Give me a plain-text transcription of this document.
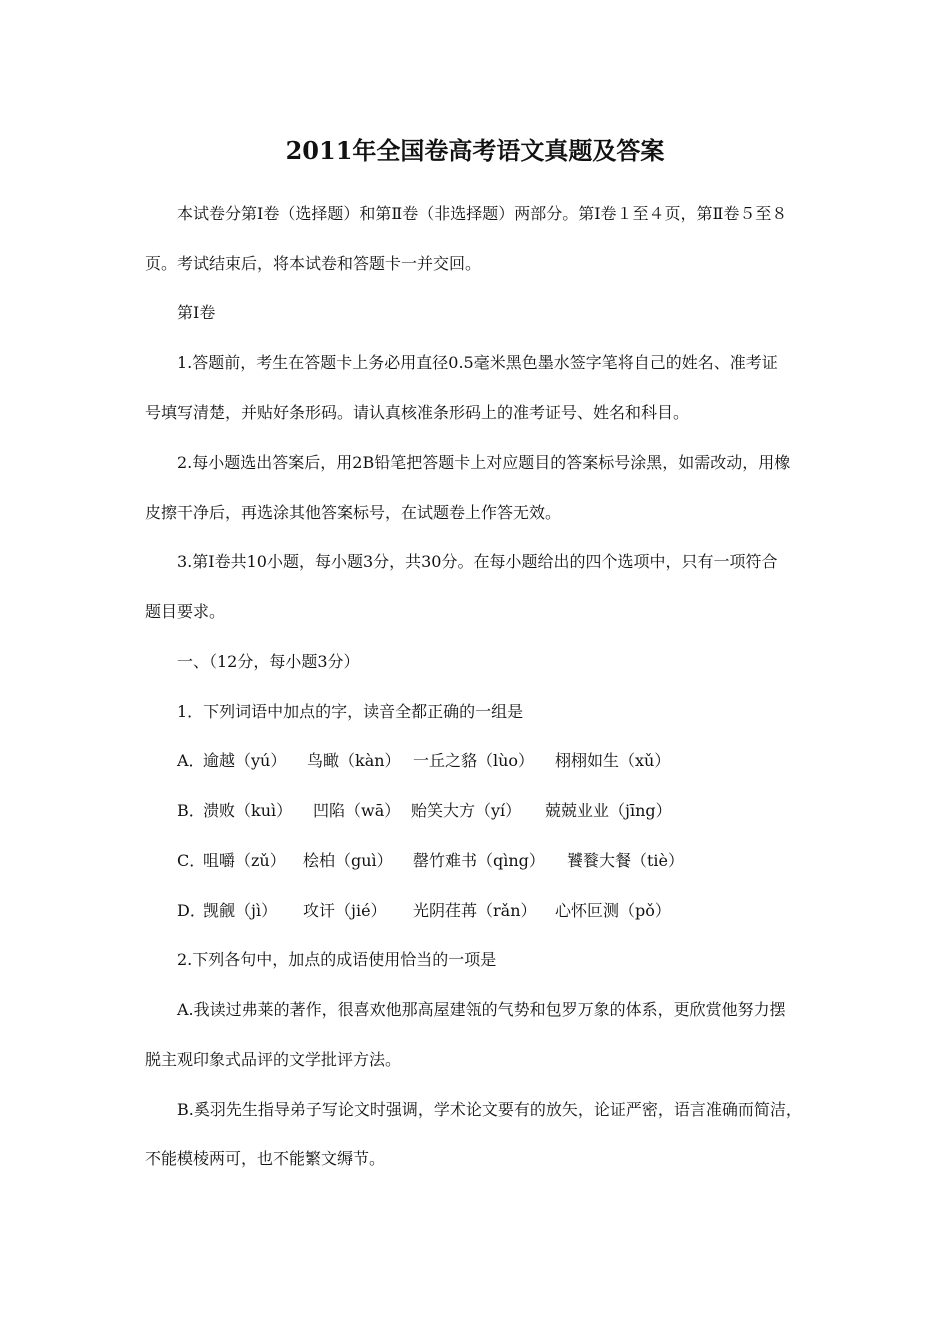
2011年全国卷高考语文真题及答案
本试卷分第Ⅰ卷（选择题）和第Ⅱ卷（非选择题）两部分。第Ⅰ卷１至４页，第Ⅱ卷５至８
页。考试结束后，将本试卷和答题卡一并交回。
第Ⅰ卷
1.答题前，考生在答题卡上务必用直径0.5毫米黑色墨水签字笔将自己的姓名、准考证
号填写清楚，并贴好条形码。请认真核准条形码上的准考证号、姓名和科目。
2.每小题选出答案后，用2B铅笔把答题卡上对应题目的答案标号涂黑，如需改动，用橡
皮擦干净后，再选涂其他答案标号，在试题卷上作答无效。
3.第Ⅰ卷共10小题，每小题3分，共30分。在每小题给出的四个选项中，只有一项符合
题目要求。
一、（12分，每小题3分）
1．下列词语中加点的字，读音全都正确的一组是
A．逾越（yú） 鸟瞰（kàn） 一丘之貉（lùo） 栩栩如生（xǔ）
B．溃败（kuì） 凹陷（wā） 贻笑大方（yí） 兢兢业业（jīng）
C．咀嚼（zǔ） 桧柏（guì） 罄竹难书（qìng） 饕餮大餐（tiè）
D．觊觎（jì） 攻讦（jié） 光阴荏苒（rǎn） 心怀叵测（pǒ）
2.下列各句中，加点的成语使用恰当的一项是
A.我读过弗莱的著作，很喜欢他那高屋建瓴的气势和包罗万象的体系，更欣赏他努力摆
脱主观印象式品评的文学批评方法。
B.奚羽先生指导弟子写论文时强调，学术论文要有的放矢，论证严密，语言准确而简洁，
不能模棱两可，也不能繁文缛节。
